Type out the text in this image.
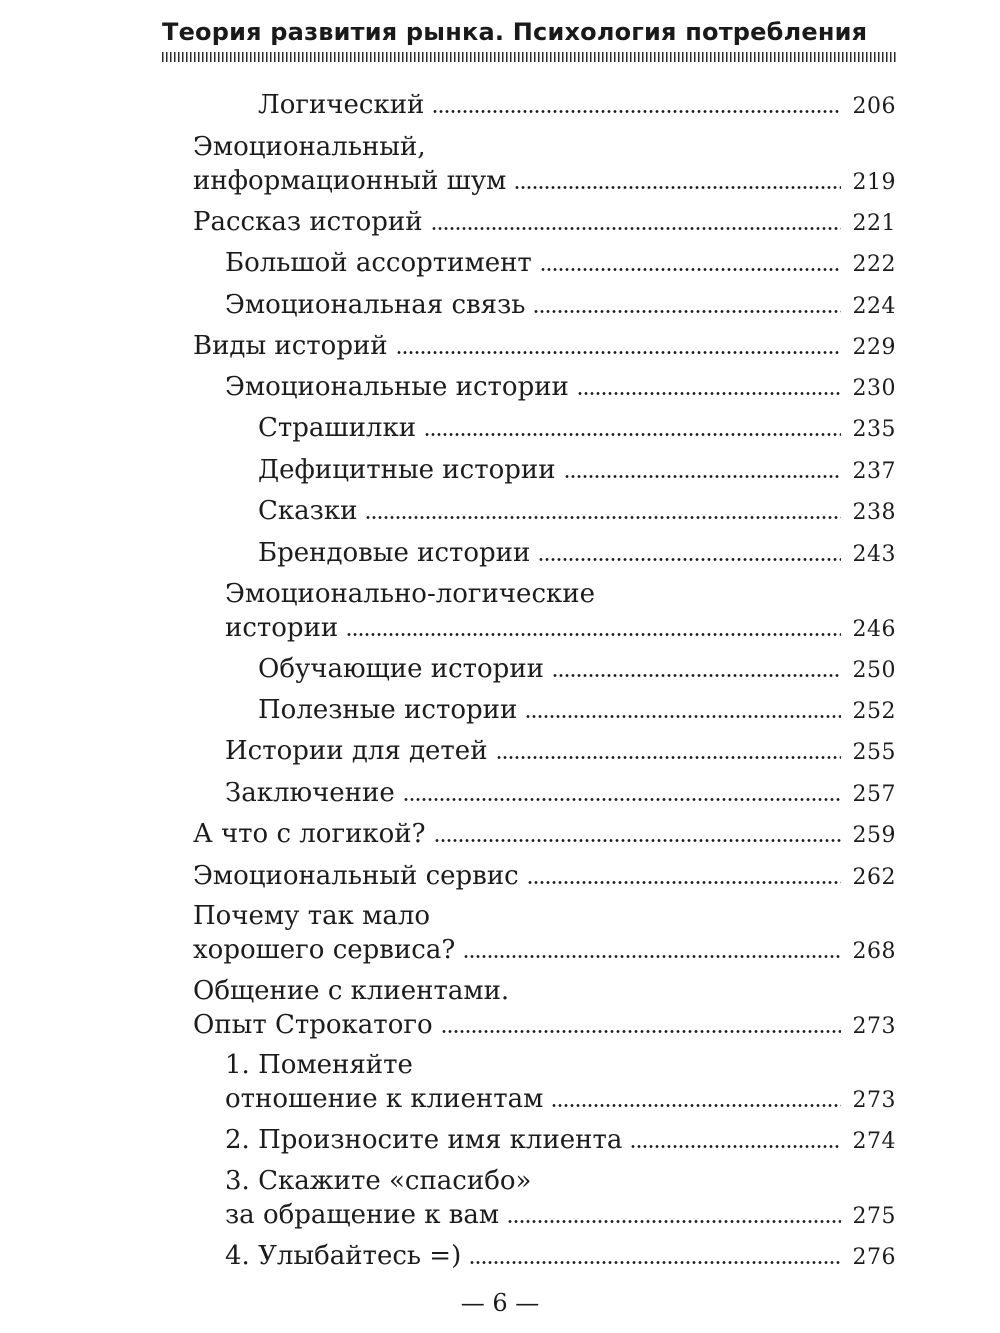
Теория развития рынка. Психология потребления
Логический	206
Эмоциональный,
информационный шум	219
Рассказ историй	221
Большой ассортимент	222
Эмоциональная связь	224
Виды историй	229
Эмоциональные истории	230
Страшилки	235
Дефицитные истории	237
Сказки	238
Брендовые истории	243
Эмоционально-логические
истории	246
Обучающие истории	250
Полезные истории	252
Истории для детей	255
Заключение	257
А что с логикой?	259
Эмоциональный сервис	262
Почему так мало
хорошего сервиса?	268
Общение с клиентами.
Опыт Строкатого	273
1. Поменяйте
отношение к клиентам	273
2. Произносите имя клиента	274
3. Скажите «спасибо»
за обращение к вам	275
4. Улыбайтесь =)	276
— 6 —
